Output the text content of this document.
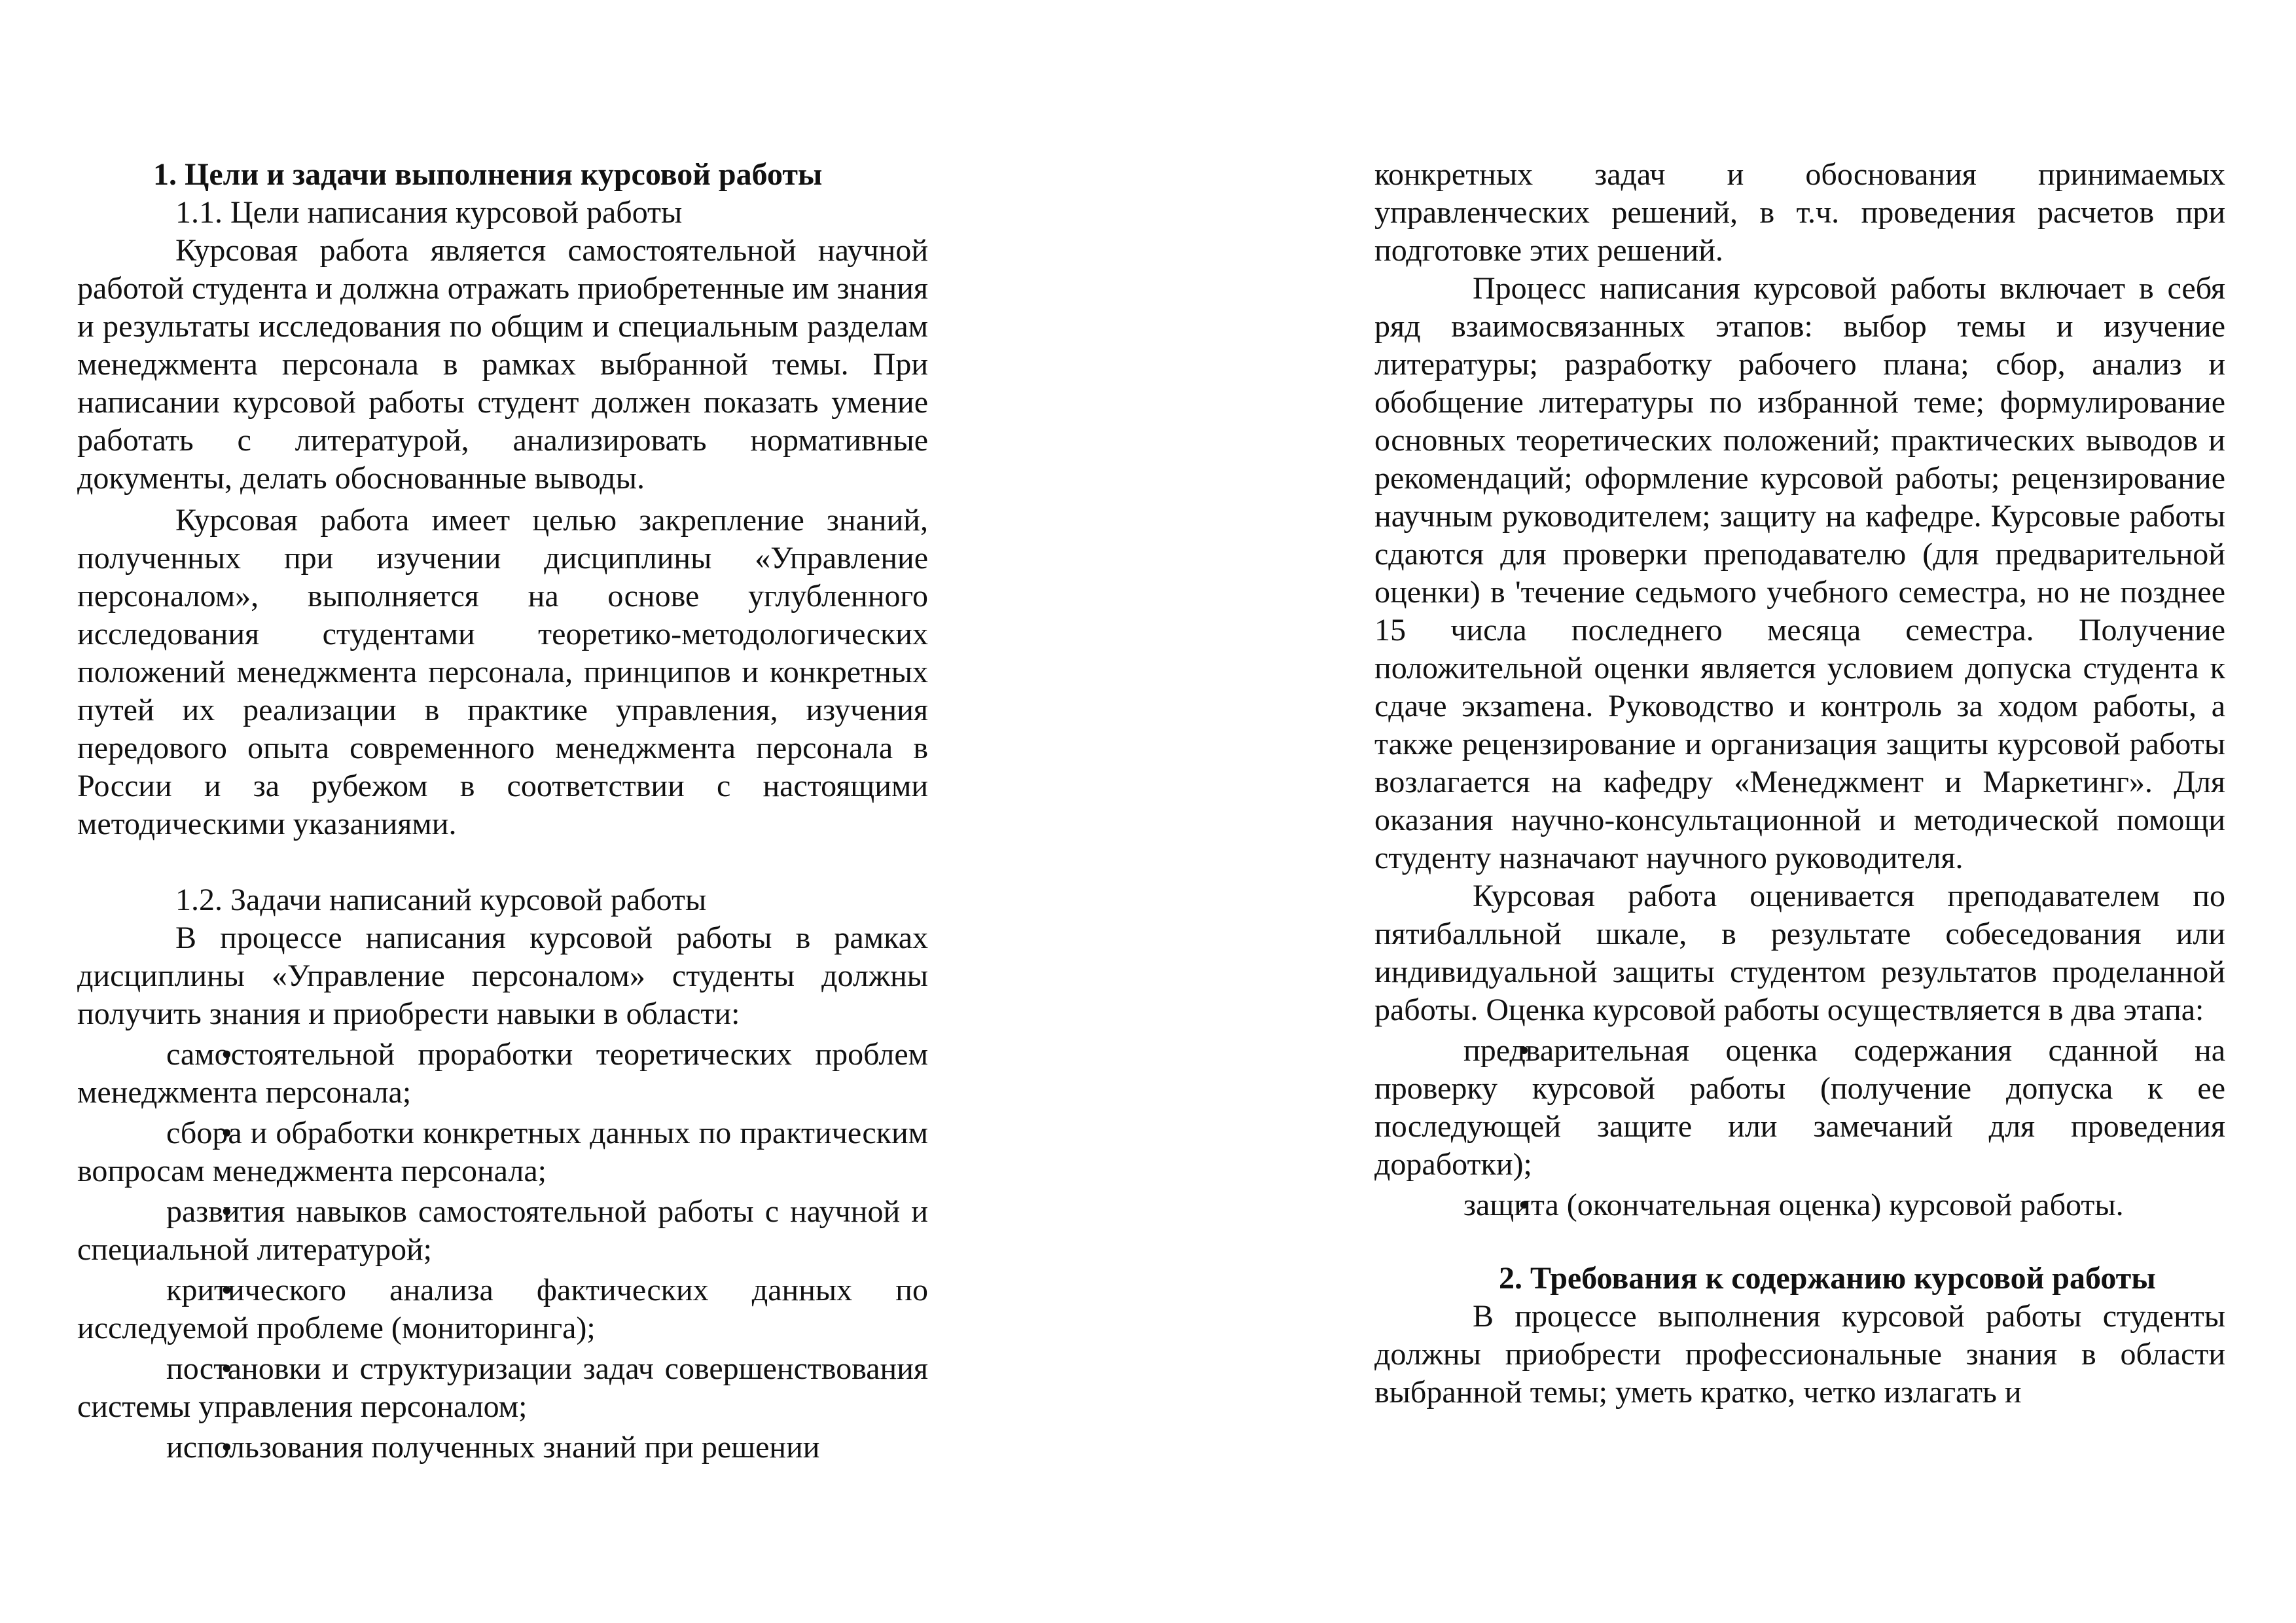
1. Цели и задачи выполнения курсовой работы

1.1. Цели написания курсовой работы

Курсовая работа является самостоятельной научной работой студента и должна отражать приобретенные им знания и результаты исследования по общим и специальным разделам менеджмента персонала в рамках выбранной темы. При написании курсовой работы студент должен показать умение работать с литературой, анализировать нормативные документы, делать обоснованные выводы.

Курсовая работа имеет целью закрепление знаний, полученных при изучении дисциплины «Управление персоналом», выполняется на основе углубленного исследования студентами теоретико-методологических положений менеджмента персонала, принципов и конкретных путей их реализации в практике управления, изучения передового опыта современного менеджмента персонала в России и за рубежом в соответствии с настоящими методическими указаниями.

1.2. Задачи написаний курсовой работы

В процессе написания курсовой работы в рамках дисциплины «Управление персоналом» студенты должны получить знания и приобрести навыки в области:

самостоятельной проработки теоретических проблем менеджмента персонала;
сбора и обработки конкретных данных по практическим вопросам менеджмента персонала;
развития навыков самостоятельной работы с научной и специальной литературой;
критического анализа фактических данных по исследуемой проблеме (мониторинга);
постановки и структуризации задач совершенствования системы управления персоналом;
использования полученных знаний при решении

конкретных задач и обоснования принимаемых управленческих решений, в т.ч. проведения расчетов при подготовке этих решений.

Процесс написания курсовой работы включает в себя ряд взаимосвязанных этапов: выбор темы и изучение литературы; разработку рабочего плана; сбор, анализ и обобщение литературы по избранной теме; формулирование основных теоретических положений; практических выводов и рекомендаций; оформление курсовой работы; рецензирование научным руководителем; защиту на кафедре. Курсовые работы сдаются для проверки преподавателю (для предварительной оценки) в 'течение седьмого учебного семестра, но не позднее 15 числа последнего месяца семестра. Получение положительной оценки является условием допуска студента к сдаче экзаmена. Руководство и контроль за ходом работы, а также рецензирование и организация защиты курсовой работы возлагается на кафедру «Менеджмент и Маркетинг». Для оказания научно-консультационной и методической помощи студенту назначают научного руководителя.

Курсовая работа оценивается преподавателем по пятибалльной шкале, в результате собеседования или индивидуальной защиты студентом результатов проделанной работы. Оценка курсовой работы осуществляется в два этапа:

предварительная оценка содержания сданной на проверку курсовой работы (получение допуска к ее последующей защите или замечаний для проведения доработки);
защита (окончательная оценка) курсовой работы.

2. Требования к содержанию курсовой работы

В процессе выполнения курсовой работы студенты должны приобрести профессиональные знания в области выбранной темы; уметь кратко, четко излагать и
